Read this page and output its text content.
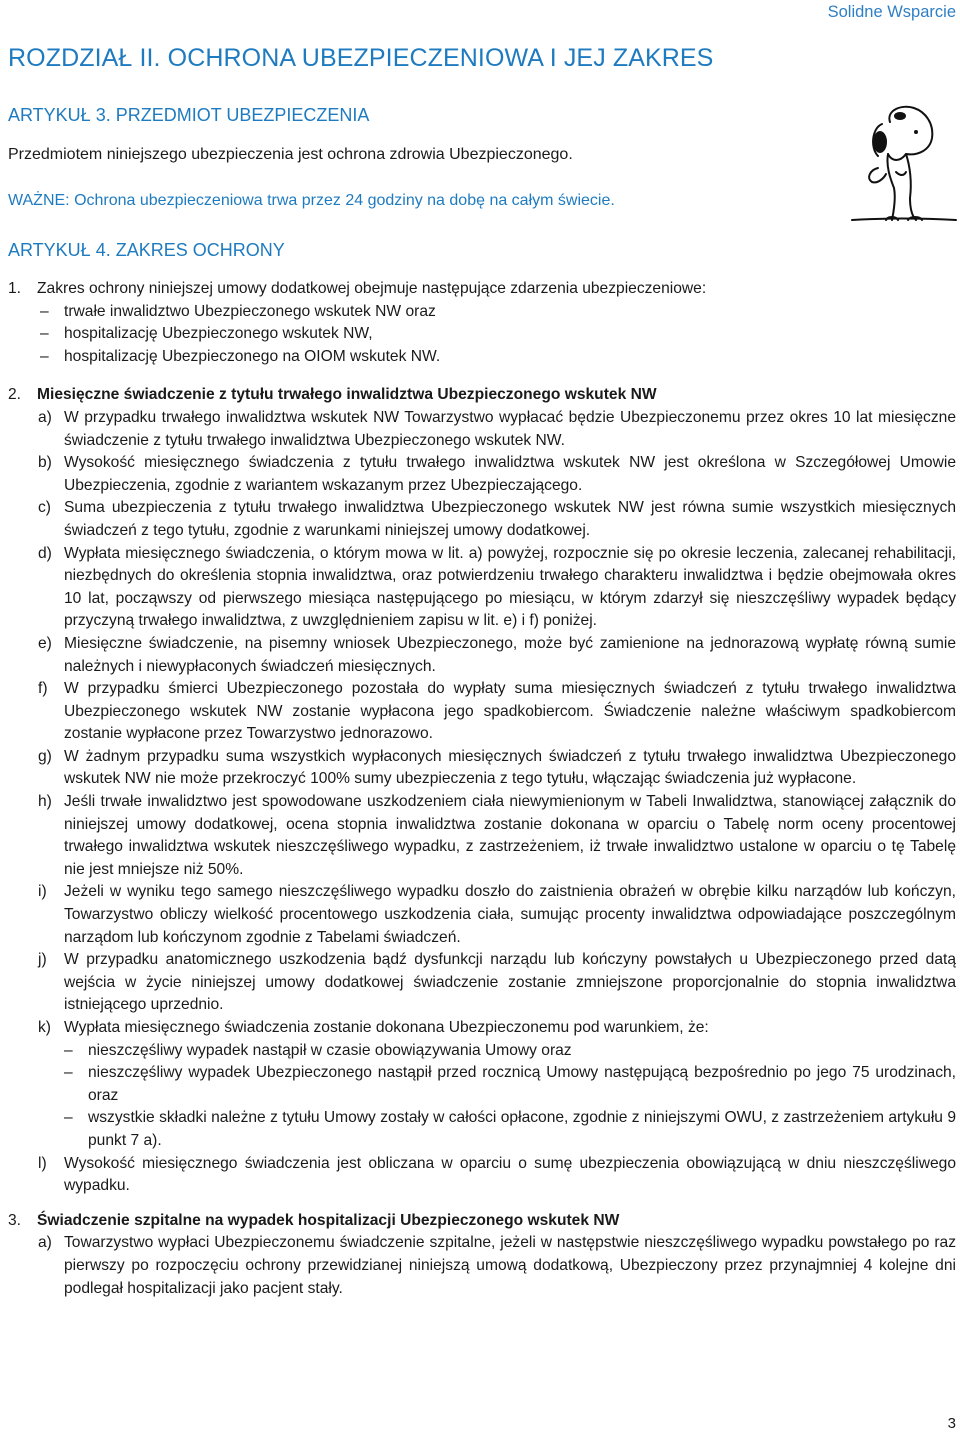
Solidne Wsparcie
ROZDZIAŁ II. OCHRONA UBEZPIECZENIOWA I JEJ ZAKRES
ARTYKUŁ 3. PRZEDMIOT UBEZPIECZENIA
Przedmiotem niniejszego ubezpieczenia jest ochrona zdrowia Ubezpieczonego.
WAŻNE: Ochrona ubezpieczeniowa trwa przez 24 godziny na dobę na całym świecie.
ARTYKUŁ 4. ZAKRES OCHRONY
1. Zakres ochrony niniejszej umowy dodatkowej obejmuje następujące zdarzenia ubezpieczeniowe:
– trwałe inwalidztwo Ubezpieczonego wskutek NW oraz
– hospitalizację Ubezpieczonego wskutek NW,
– hospitalizację Ubezpieczonego na OIOM wskutek NW.
2. Miesięczne świadczenie z tytułu trwałego inwalidztwa Ubezpieczonego wskutek NW
a) W przypadku trwałego inwalidztwa wskutek NW Towarzystwo wypłacać będzie Ubezpieczonemu przez okres 10 lat miesięczne świadczenie z tytułu trwałego inwalidztwa Ubezpieczonego wskutek NW.
b) Wysokość miesięcznego świadczenia z tytułu trwałego inwalidztwa wskutek NW jest określona w Szczegółowej Umowie Ubezpieczenia, zgodnie z wariantem wskazanym przez Ubezpieczającego.
c) Suma ubezpieczenia z tytułu trwałego inwalidztwa Ubezpieczonego wskutek NW jest równa sumie wszystkich miesięcznych świadczeń z tego tytułu, zgodnie z warunkami niniejszej umowy dodatkowej.
d) Wypłata miesięcznego świadczenia, o którym mowa w lit. a) powyżej, rozpocznie się po okresie leczenia, zalecanej rehabilitacji, niezbędnych do określenia stopnia inwalidztwa, oraz potwierdzeniu trwałego charakteru inwalidztwa i będzie obejmowała okres 10 lat, począwszy od pierwszego miesiąca następującego po miesiącu, w którym zdarzył się nieszczęśliwy wypadek będący przyczyną trwałego inwalidztwa, z uwzględnieniem zapisu w lit. e) i f) poniżej.
e) Miesięczne świadczenie, na pisemny wniosek Ubezpieczonego, może być zamienione na jednorazową wypłatę równą sumie należnych i niewypłaconych świadczeń miesięcznych.
f) W przypadku śmierci Ubezpieczonego pozostała do wypłaty suma miesięcznych świadczeń z tytułu trwałego inwalidztwa Ubezpieczonego wskutek NW zostanie wypłacona jego spadkobiercom. Świadczenie należne właściwym spadkobiercom zostanie wypłacone przez Towarzystwo jednorazowo.
g) W żadnym przypadku suma wszystkich wypłaconych miesięcznych świadczeń z tytułu trwałego inwalidztwa Ubezpieczonego wskutek NW nie może przekroczyć 100% sumy ubezpieczenia z tego tytułu, włączając świadczenia już wypłacone.
h) Jeśli trwałe inwalidztwo jest spowodowane uszkodzeniem ciała niewymienionym w Tabeli Inwalidztwa, stanowiącej załącznik do niniejszej umowy dodatkowej, ocena stopnia inwalidztwa zostanie dokonana w oparciu o Tabelę norm oceny procentowej trwałego inwalidztwa wskutek nieszczęśliwego wypadku, z zastrzeżeniem, iż trwałe inwalidztwo ustalone w oparciu o tę Tabelę nie jest mniejsze niż 50%.
i) Jeżeli w wyniku tego samego nieszczęśliwego wypadku doszło do zaistnienia obrażeń w obrębie kilku narządów lub kończyn, Towarzystwo obliczy wielkość procentowego uszkodzenia ciała, sumując procenty inwalidztwa odpowiadające poszczególnym narządom lub kończynom zgodnie z Tabelami świadczeń.
j) W przypadku anatomicznego uszkodzenia bądź dysfunkcji narządu lub kończyny powstałych u Ubezpieczonego przed datą wejścia w życie niniejszej umowy dodatkowej świadczenie zostanie zmniejszone proporcjonalnie do stopnia inwalidztwa istniejącego uprzednio.
k) Wypłata miesięcznego świadczenia zostanie dokonana Ubezpieczonemu pod warunkiem, że:
– nieszczęśliwy wypadek nastąpił w czasie obowiązywania Umowy oraz
– nieszczęśliwy wypadek Ubezpieczonego nastąpił przed rocznicą Umowy następującą bezpośrednio po jego 75 urodzinach, oraz
– wszystkie składki należne z tytułu Umowy zostały w całości opłacone, zgodnie z niniejszymi OWU, z zastrzeżeniem artykułu 9 punkt 7 a).
l) Wysokość miesięcznego świadczenia jest obliczana w oparciu o sumę ubezpieczenia obowiązującą w dniu nieszczęśliwego wypadku.
3. Świadczenie szpitalne na wypadek hospitalizacji Ubezpieczonego wskutek NW
a) Towarzystwo wypłaci Ubezpieczonemu świadczenie szpitalne, jeżeli w następstwie nieszczęśliwego wypadku powstałego po raz pierwszy po rozpoczęciu ochrony przewidzianej niniejszą umową dodatkową, Ubezpieczony przez przynajmniej 4 kolejne dni podlegał hospitalizacji jako pacjent stały.
3
